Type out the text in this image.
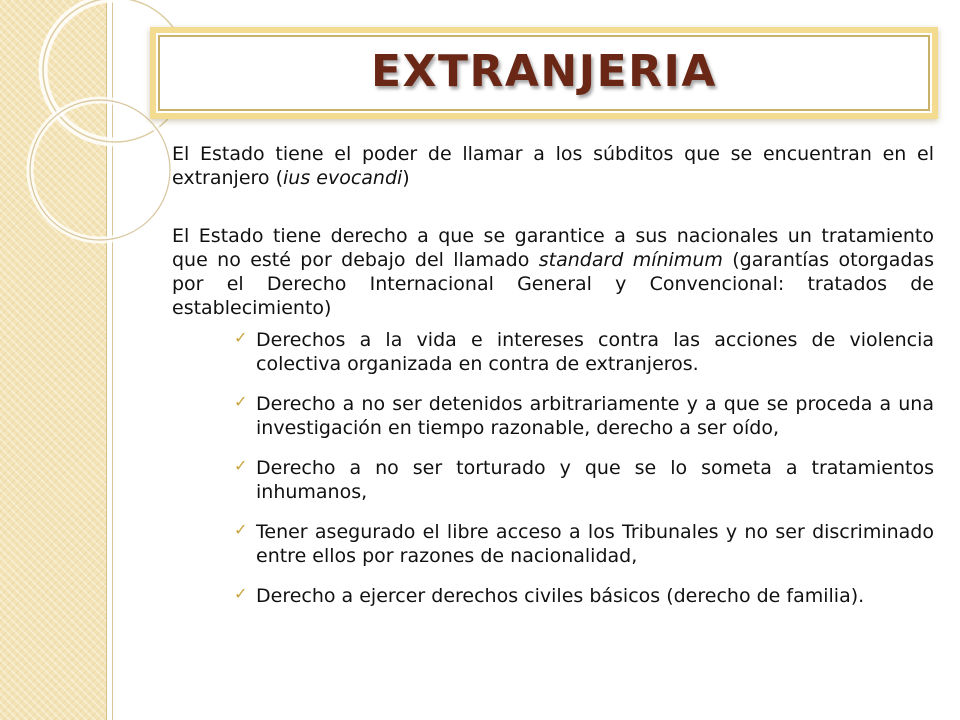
EXTRANJERIA

El Estado tiene el poder de llamar a los súbditos que se encuentran en el extranjero (ius evocandi)

El Estado tiene derecho a que se garantice a sus nacionales un tratamiento que no esté por debajo del llamado standard mínimum (garantías otorgadas por el Derecho Internacional General y Convencional: tratados de establecimiento)

✓ Derechos a la vida e intereses contra las acciones de violencia colectiva organizada en contra de extranjeros.
✓ Derecho a no ser detenidos arbitrariamente y a que se proceda a una investigación en tiempo razonable, derecho a ser oído,
✓ Derecho a no ser torturado y que se lo someta a tratamientos inhumanos,
✓ Tener asegurado el libre acceso a los Tribunales y no ser discriminado entre ellos por razones de nacionalidad,
✓ Derecho a ejercer derechos civiles básicos (derecho de familia).
